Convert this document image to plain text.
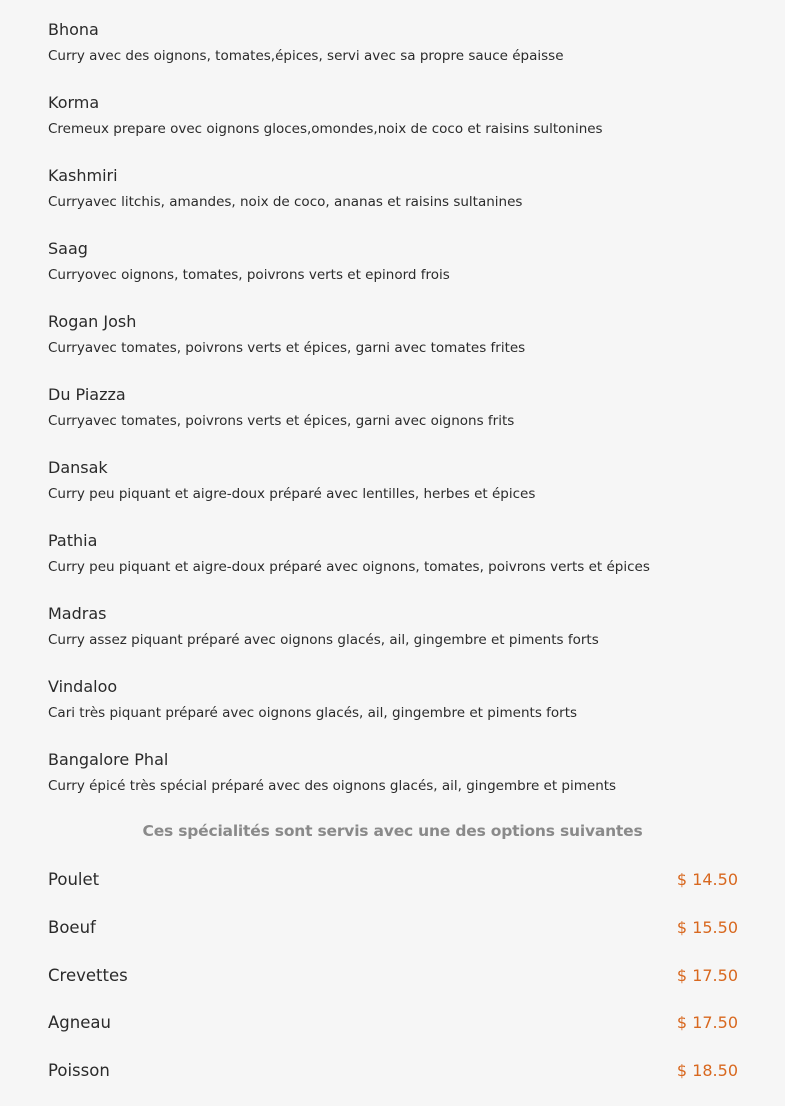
Bhona
Curry avec des oignons, tomates,épices, servi avec sa propre sauce épaisse
Korma
Cremeux prepare ovec oignons gloces,omondes,noix de coco et raisins sultonines
Kashmiri
Curryavec litchis, amandes, noix de coco, ananas et raisins sultanines
Saag
Curryovec oignons, tomates, poivrons verts et epinord frois
Rogan Josh
Curryavec tomates, poivrons verts et épices, garni avec tomates frites
Du Piazza
Curryavec tomates, poivrons verts et épices, garni avec oignons frits
Dansak
Curry peu piquant et aigre-doux préparé avec lentilles, herbes et épices
Pathia
Curry peu piquant et aigre-doux préparé avec oignons, tomates, poivrons verts et épices
Madras
Curry assez piquant préparé avec oignons glacés, ail, gingembre et piments forts
Vindaloo
Cari très piquant préparé avec oignons glacés, ail, gingembre et piments forts
Bangalore Phal
Curry épicé très spécial préparé avec des oignons glacés, ail, gingembre et piments
Ces spécialités sont servis avec une des options suivantes
Poulet	$ 14.50
Boeuf	$ 15.50
Crevettes	$ 17.50
Agneau	$ 17.50
Poisson	$ 18.50
